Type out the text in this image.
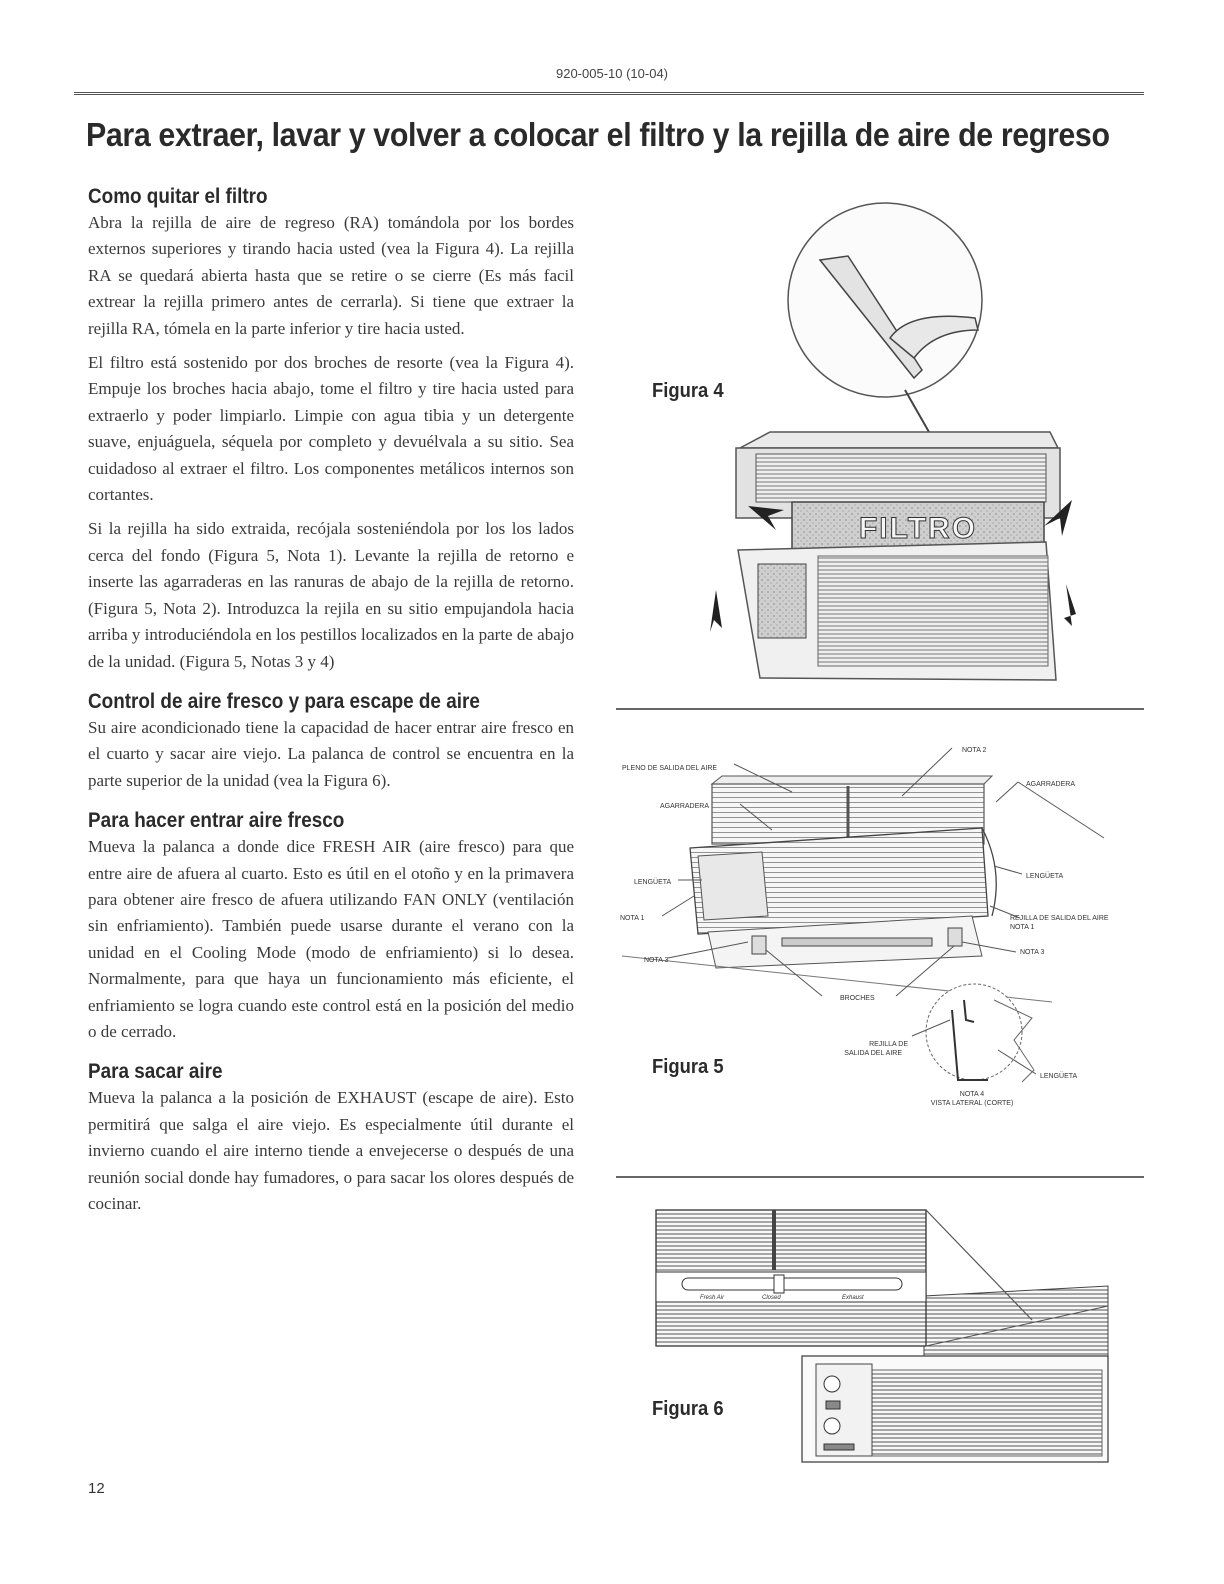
920-005-10 (10-04)
Para extraer, lavar y volver a colocar el filtro y la rejilla de aire de regreso
Como quitar el filtro

Abra la rejilla de aire de regreso (RA) tomándola por los bordes externos superiores y tirando hacia usted (vea la Figura 4). La rejilla RA se quedará abierta hasta que se retire o se cierre (Es más facil extrear la rejilla primero antes de cerrarla). Si tiene que extraer la rejilla RA, tómela en la parte inferior y tire hacia usted.

El filtro está sostenido por dos broches de resorte (vea la Figura 4). Empuje los broches hacia abajo, tome el filtro y tire hacia usted para extraerlo y poder limpiarlo. Limpie con agua tibia y un detergente suave, enjuáguela, séquela por completo y devuélvala a su sitio. Sea cuidadoso al extraer el filtro. Los componentes metálicos internos son cortantes.

Si la rejilla ha sido extraida, recójala sosteniéndola por los los lados cerca del fondo (Figura 5, Nota 1). Levante la rejilla de retorno e inserte las agarraderas en las ranuras de abajo de la rejilla de retorno. (Figura 5, Nota 2). Introduzca la rejila en su sitio empujandola hacia arriba y introduciéndola en los pestillos localizados en la parte de abajo de la unidad. (Figura 5, Notas 3 y 4)

Control de aire fresco y para escape de aire

Su aire acondicionado tiene la capacidad de hacer entrar aire fresco en el cuarto y sacar aire viejo. La palanca de control se encuentra en la parte superior de la unidad (vea la Figura 6).

Para hacer entrar aire fresco

Mueva la palanca a donde dice FRESH AIR (aire fresco) para que entre aire de afuera al cuarto. Esto es útil en el otoño y en la primavera para obtener aire fresco de afuera utilizando FAN ONLY (ventilación sin enfriamiento). También puede usarse durante el verano con la unidad en el Cooling Mode (modo de enfriamiento) si lo desea. Normalmente, para que haya un funcionamiento más eficiente, el enfriamiento se logra cuando este control está en la posición del medio o de cerrado.

Para sacar aire

Mueva la palanca a la posición de EXHAUST (escape de aire). Esto permitirá que salga el aire viejo. Es especialmente útil durante el invierno cuando el aire interno tiende a envejecerse o después de una reunión social donde hay fumadores, o para sacar los olores después de cocinar.

Figura 4
FILTRO
PLENO DE SALIDA DEL AIRE
NOTA 2
AGARRADERA
AGARRADERA
LENGÜETA
LENGÜETA
NOTA 1	REJILLA DE SALIDA DEL AIRE
NOTA 1
NOTA 3
NOTA 3
BROCHES
REJILLA DE
SALIDA DEL AIRE
LENGÜETA
NOTA 4
VISTA LATERAL (CORTE)
Figura 5
Fresh Air	Closed	Exhaust
Figura 6
12
